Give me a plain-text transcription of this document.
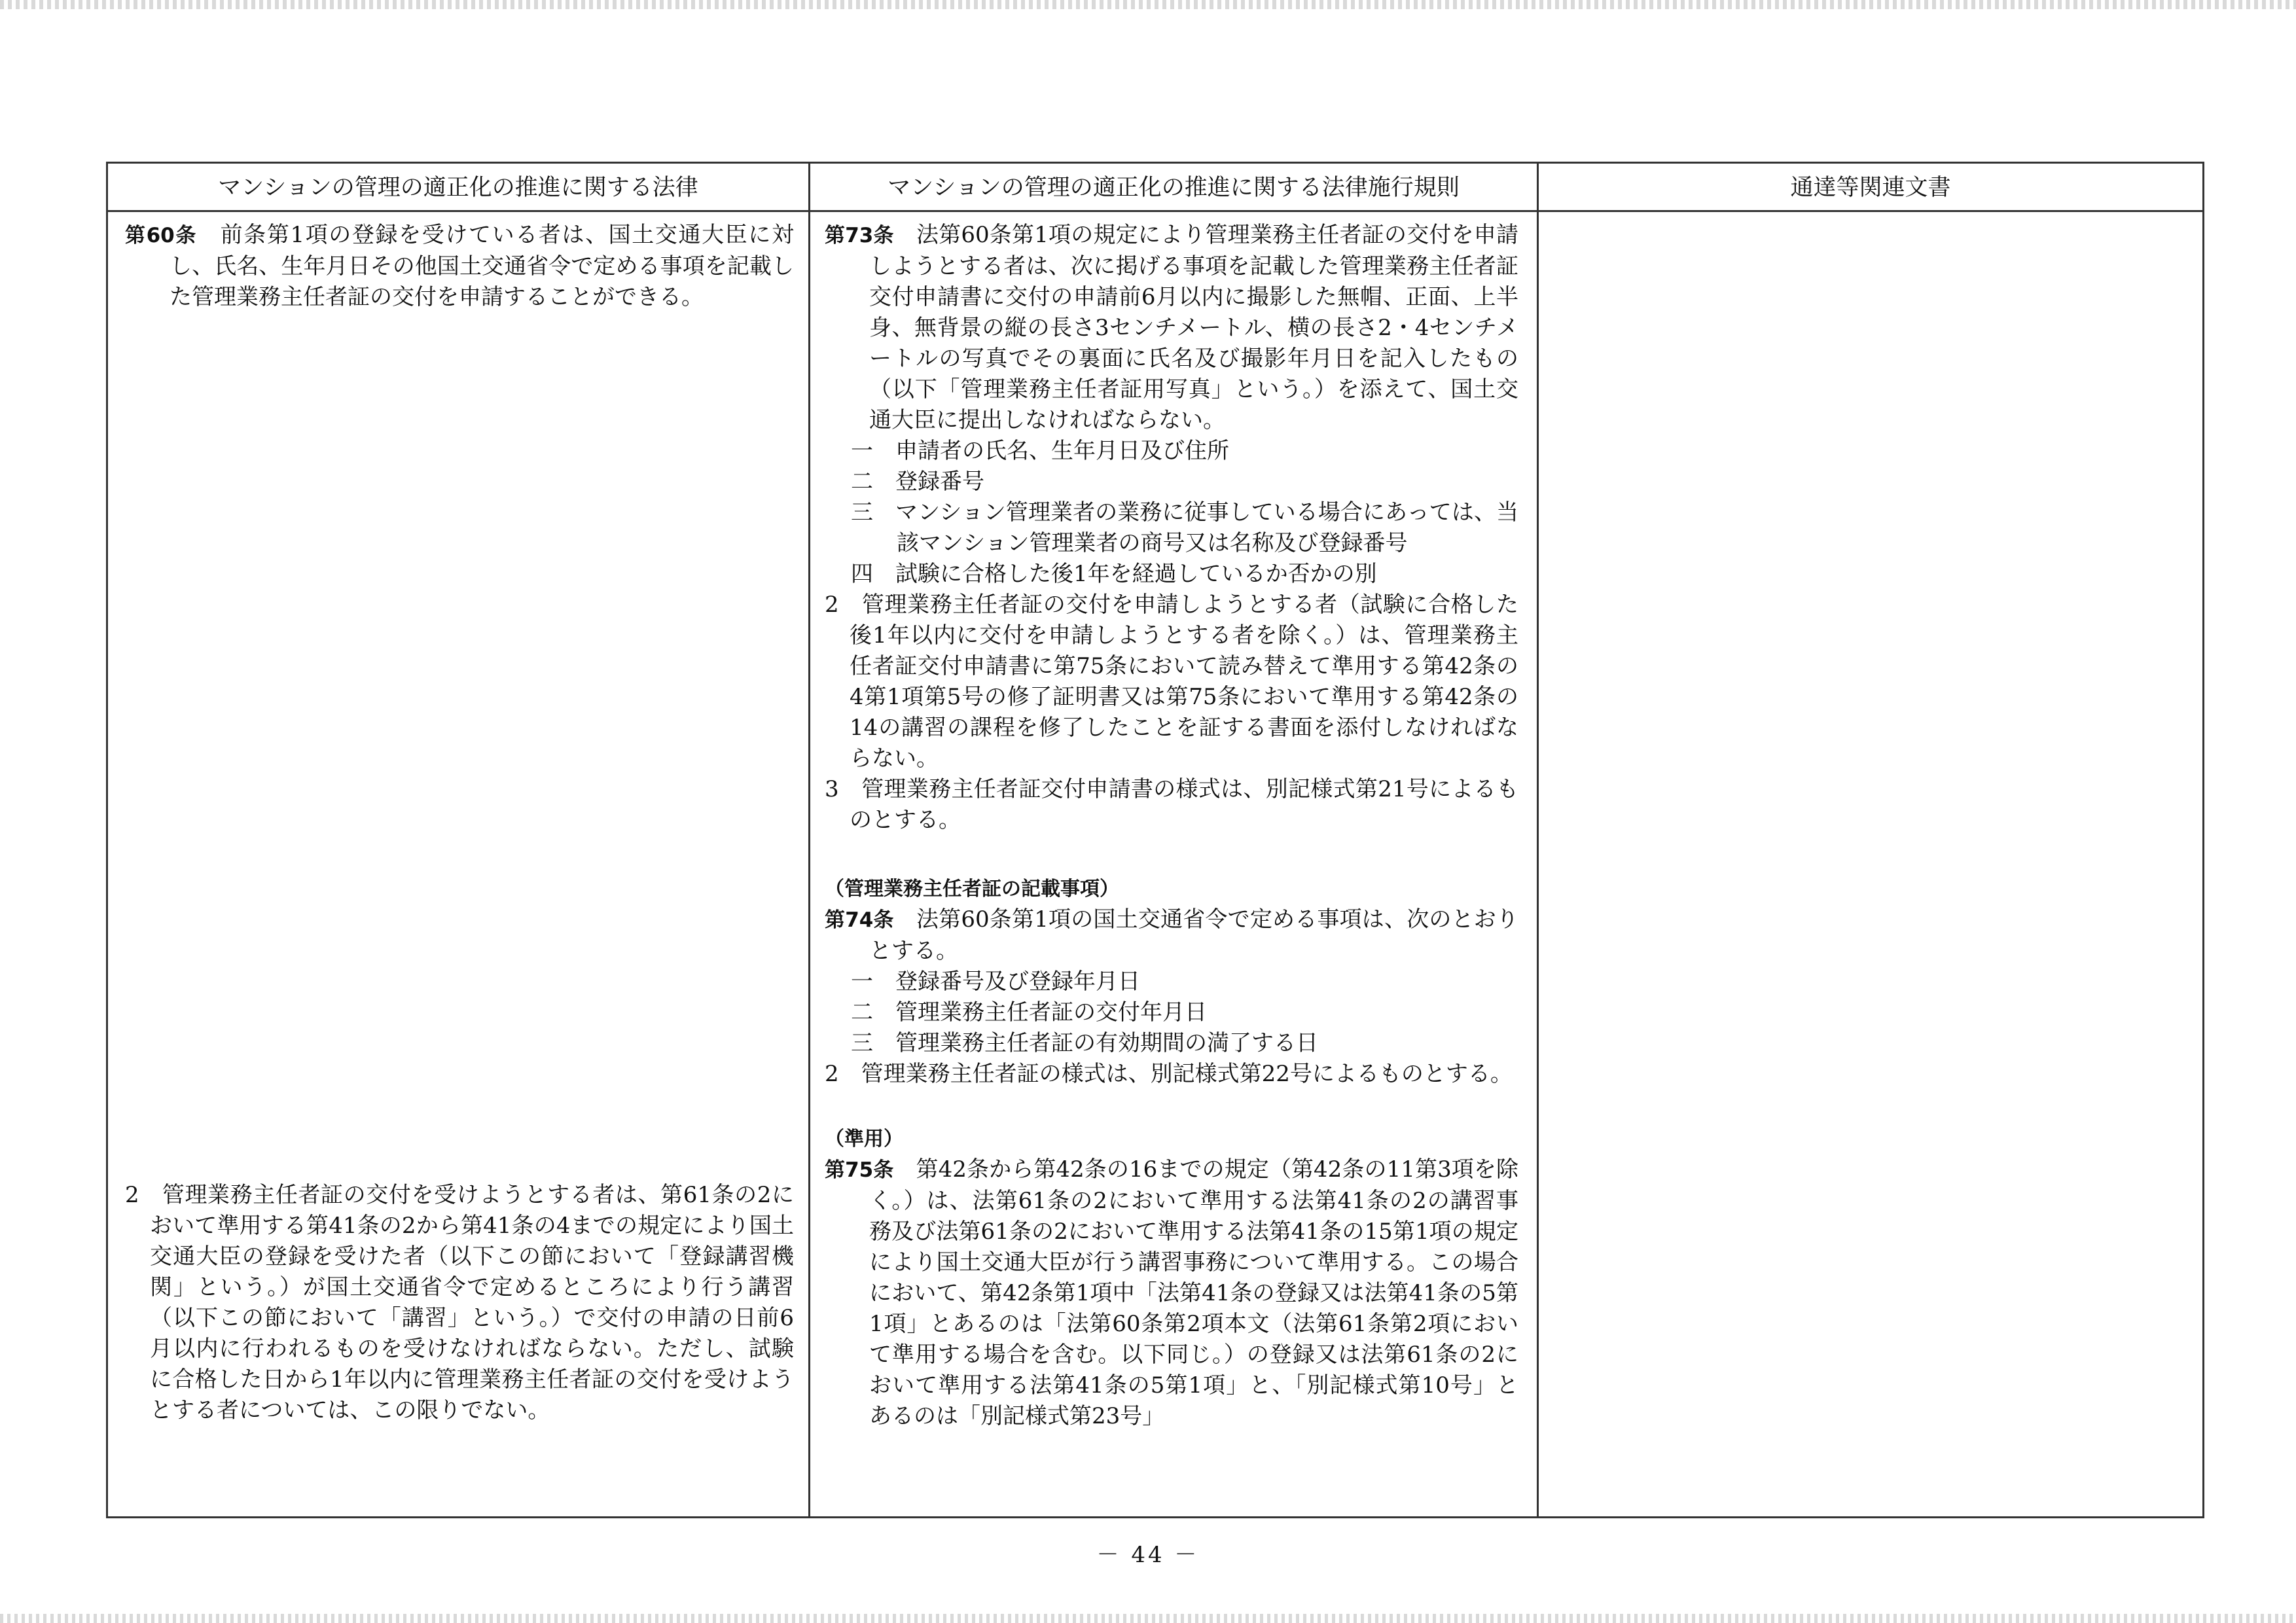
マンションの管理の適正化の推進に関する法律	マンションの管理の適正化の推進に関する法律施行規則	通達等関連文書

第60条　前条第1項の登録を受けている者は、国土交通大臣に対し、氏名、生年月日その他国土交通省令で定める事項を記載した管理業務主任者証の交付を申請することができる。

2　管理業務主任者証の交付を受けようとする者は、第61条の2において準用する第41条の2から第41条の4までの規定により国土交通大臣の登録を受けた者（以下この節において「登録講習機関」という。）が国土交通省令で定めるところにより行う講習（以下この節において「講習」という。）で交付の申請の日前6月以内に行われるものを受けなければならない。ただし、試験に合格した日から1年以内に管理業務主任者証の交付を受けようとする者については、この限りでない。

第73条　法第60条第1項の規定により管理業務主任者証の交付を申請しようとする者は、次に掲げる事項を記載した管理業務主任者証交付申請書に交付の申請前6月以内に撮影した無帽、正面、上半身、無背景の縦の長さ3センチメートル、横の長さ2・4センチメートルの写真でその裏面に氏名及び撮影年月日を記入したもの（以下「管理業務主任者証用写真」という。）を添えて、国土交通大臣に提出しなければならない。

一　申請者の氏名、生年月日及び住所

二　登録番号

三　マンション管理業者の業務に従事している場合にあっては、当該マンション管理業者の商号又は名称及び登録番号

四　試験に合格した後1年を経過しているか否かの別

2　管理業務主任者証の交付を申請しようとする者（試験に合格した後1年以内に交付を申請しようとする者を除く。）は、管理業務主任者証交付申請書に第75条において読み替えて準用する第42条の4第1項第5号の修了証明書又は第75条において準用する第42条の14の講習の課程を修了したことを証する書面を添付しなければならない。

3　管理業務主任者証交付申請書の様式は、別記様式第21号によるものとする。

（管理業務主任者証の記載事項）

第74条　法第60条第1項の国土交通省令で定める事項は、次のとおりとする。

一　登録番号及び登録年月日

二　管理業務主任者証の交付年月日

三　管理業務主任者証の有効期間の満了する日

2　管理業務主任者証の様式は、別記様式第22号によるものとする。

（準用）

第75条　第42条から第42条の16までの規定（第42条の11第3項を除く。）は、法第61条の2において準用する法第41条の2の講習事務及び法第61条の2において準用する法第41条の15第1項の規定により国土交通大臣が行う講習事務について準用する。この場合において、第42条第1項中「法第41条の登録又は法第41条の5第1項」とあるのは「法第60条第2項本文（法第61条第2項において準用する場合を含む。以下同じ。）の登録又は法第61条の2において準用する法第41条の5第1項」と、「別記様式第10号」とあるのは「別記様式第23号」

－ 44 －
